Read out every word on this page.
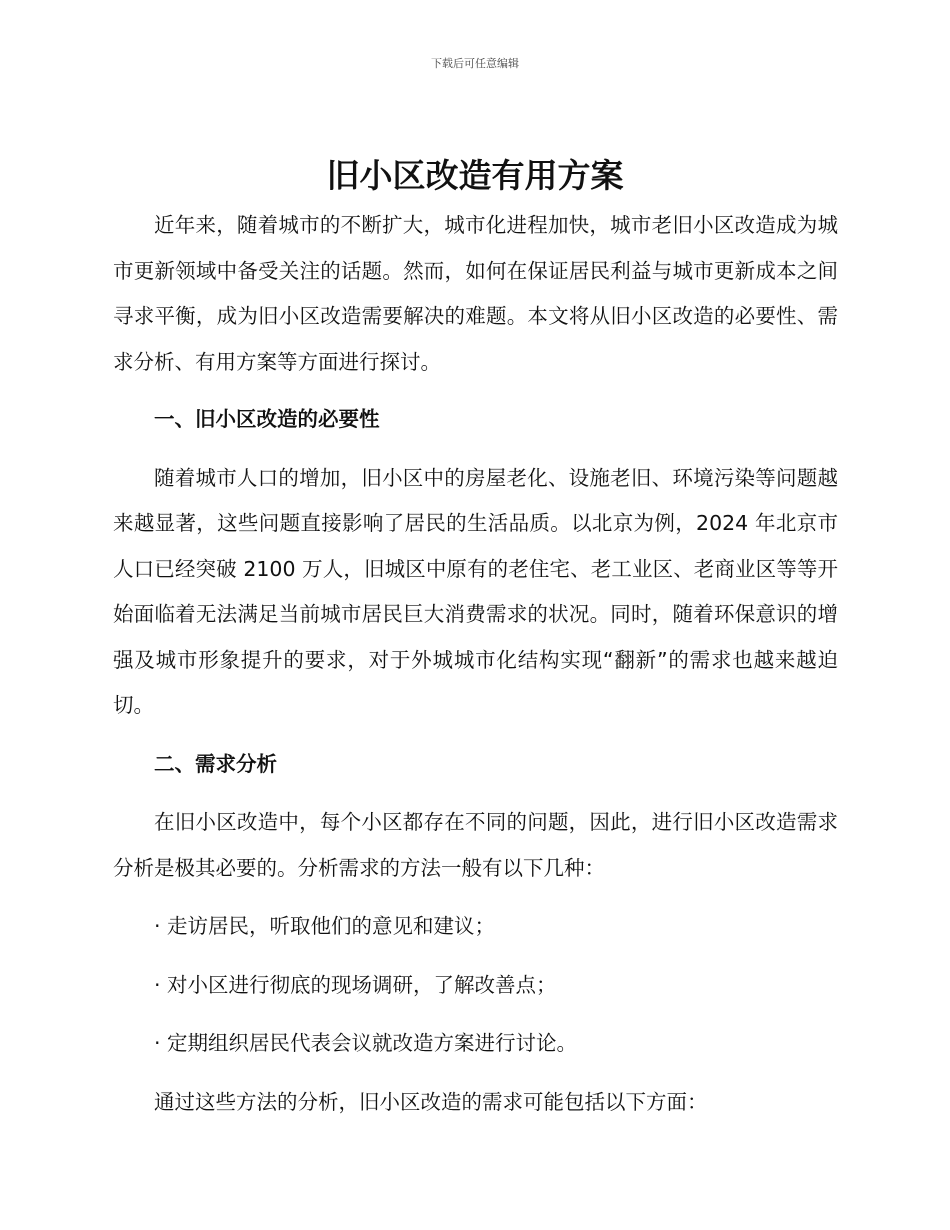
下载后可任意编辑
旧小区改造有用方案

近年来，随着城市的不断扩大，城市化进程加快，城市老旧小区改造成为城市更新领域中备受关注的话题。然而，如何在保证居民利益与城市更新成本之间寻求平衡，成为旧小区改造需要解决的难题。本文将从旧小区改造的必要性、需求分析、有用方案等方面进行探讨。

一、旧小区改造的必要性

随着城市人口的增加，旧小区中的房屋老化、设施老旧、环境污染等问题越来越显著，这些问题直接影响了居民的生活品质。以北京为例，2024 年北京市人口已经突破 2100 万人，旧城区中原有的老住宅、老工业区、老商业区等等开始面临着无法满足当前城市居民巨大消费需求的状况。同时，随着环保意识的增强及城市形象提升的要求，对于外城城市化结构实现“翻新”的需求也越来越迫切。

二、需求分析

在旧小区改造中，每个小区都存在不同的问题，因此，进行旧小区改造需求分析是极其必要的。分析需求的方法一般有以下几种：

· 走访居民，听取他们的意见和建议；

· 对小区进行彻底的现场调研，了解改善点；

· 定期组织居民代表会议就改造方案进行讨论。

通过这些方法的分析，旧小区改造的需求可能包括以下方面：
